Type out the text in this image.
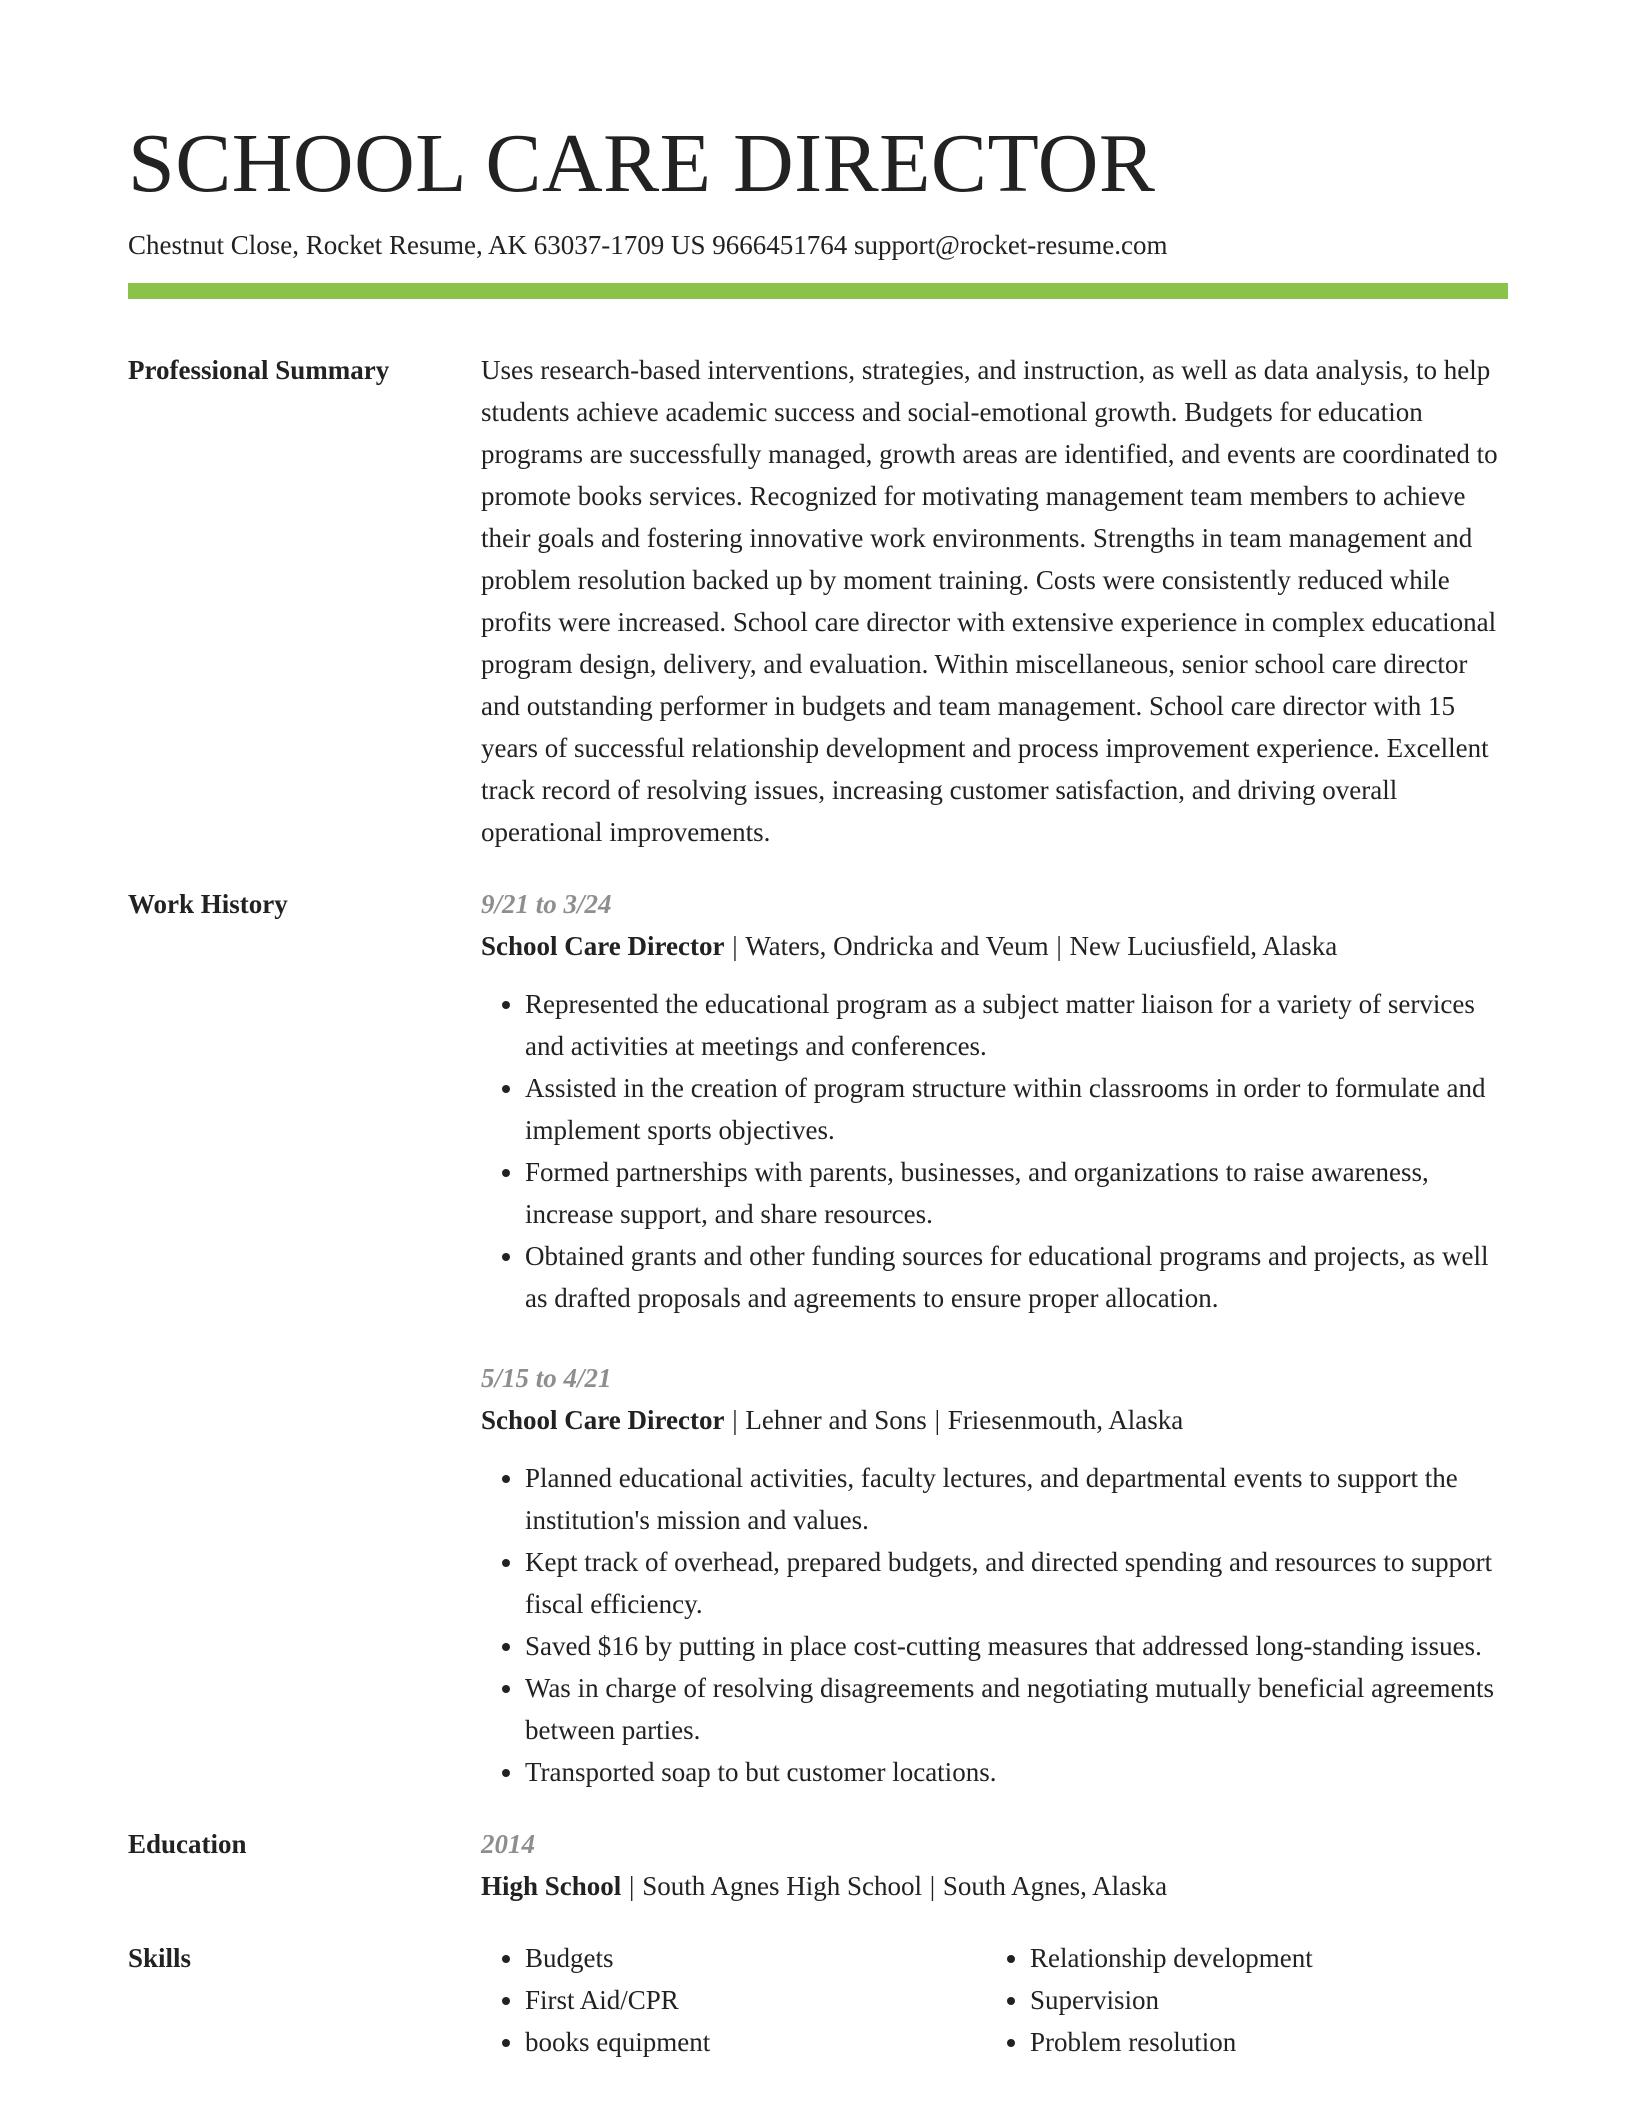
SCHOOL CARE DIRECTOR
Chestnut Close, Rocket Resume, AK 63037-1709 US 9666451764 support@rocket-resume.com
Professional Summary	Uses research-based interventions, strategies, and instruction, as well as data analysis, to help students achieve academic success and social-emotional growth. Budgets for education programs are successfully managed, growth areas are identified, and events are coordinated to promote books services. Recognized for motivating management team members to achieve their goals and fostering innovative work environments. Strengths in team management and problem resolution backed up by moment training. Costs were consistently reduced while profits were increased. School care director with extensive experience in complex educational program design, delivery, and evaluation. Within miscellaneous, senior school care director and outstanding performer in budgets and team management. School care director with 15 years of successful relationship development and process improvement experience. Excellent track record of resolving issues, increasing customer satisfaction, and driving overall operational improvements.
Work History	9/21 to 3/24
School Care Director | Waters, Ondricka and Veum | New Luciusfield, Alaska
• Represented the educational program as a subject matter liaison for a variety of services and activities at meetings and conferences.
• Assisted in the creation of program structure within classrooms in order to formulate and implement sports objectives.
• Formed partnerships with parents, businesses, and organizations to raise awareness, increase support, and share resources.
• Obtained grants and other funding sources for educational programs and projects, as well as drafted proposals and agreements to ensure proper allocation.
5/15 to 4/21
School Care Director | Lehner and Sons | Friesenmouth, Alaska
• Planned educational activities, faculty lectures, and departmental events to support the institution's mission and values.
• Kept track of overhead, prepared budgets, and directed spending and resources to support fiscal efficiency.
• Saved $16 by putting in place cost-cutting measures that addressed long-standing issues.
• Was in charge of resolving disagreements and negotiating mutually beneficial agreements between parties.
• Transported soap to but customer locations.
Education	2014
High School | South Agnes High School | South Agnes, Alaska
Skills
•	Budgets
• First Aid/CPR
• books equipment
• Relationship development
• Supervision
• Problem resolution
